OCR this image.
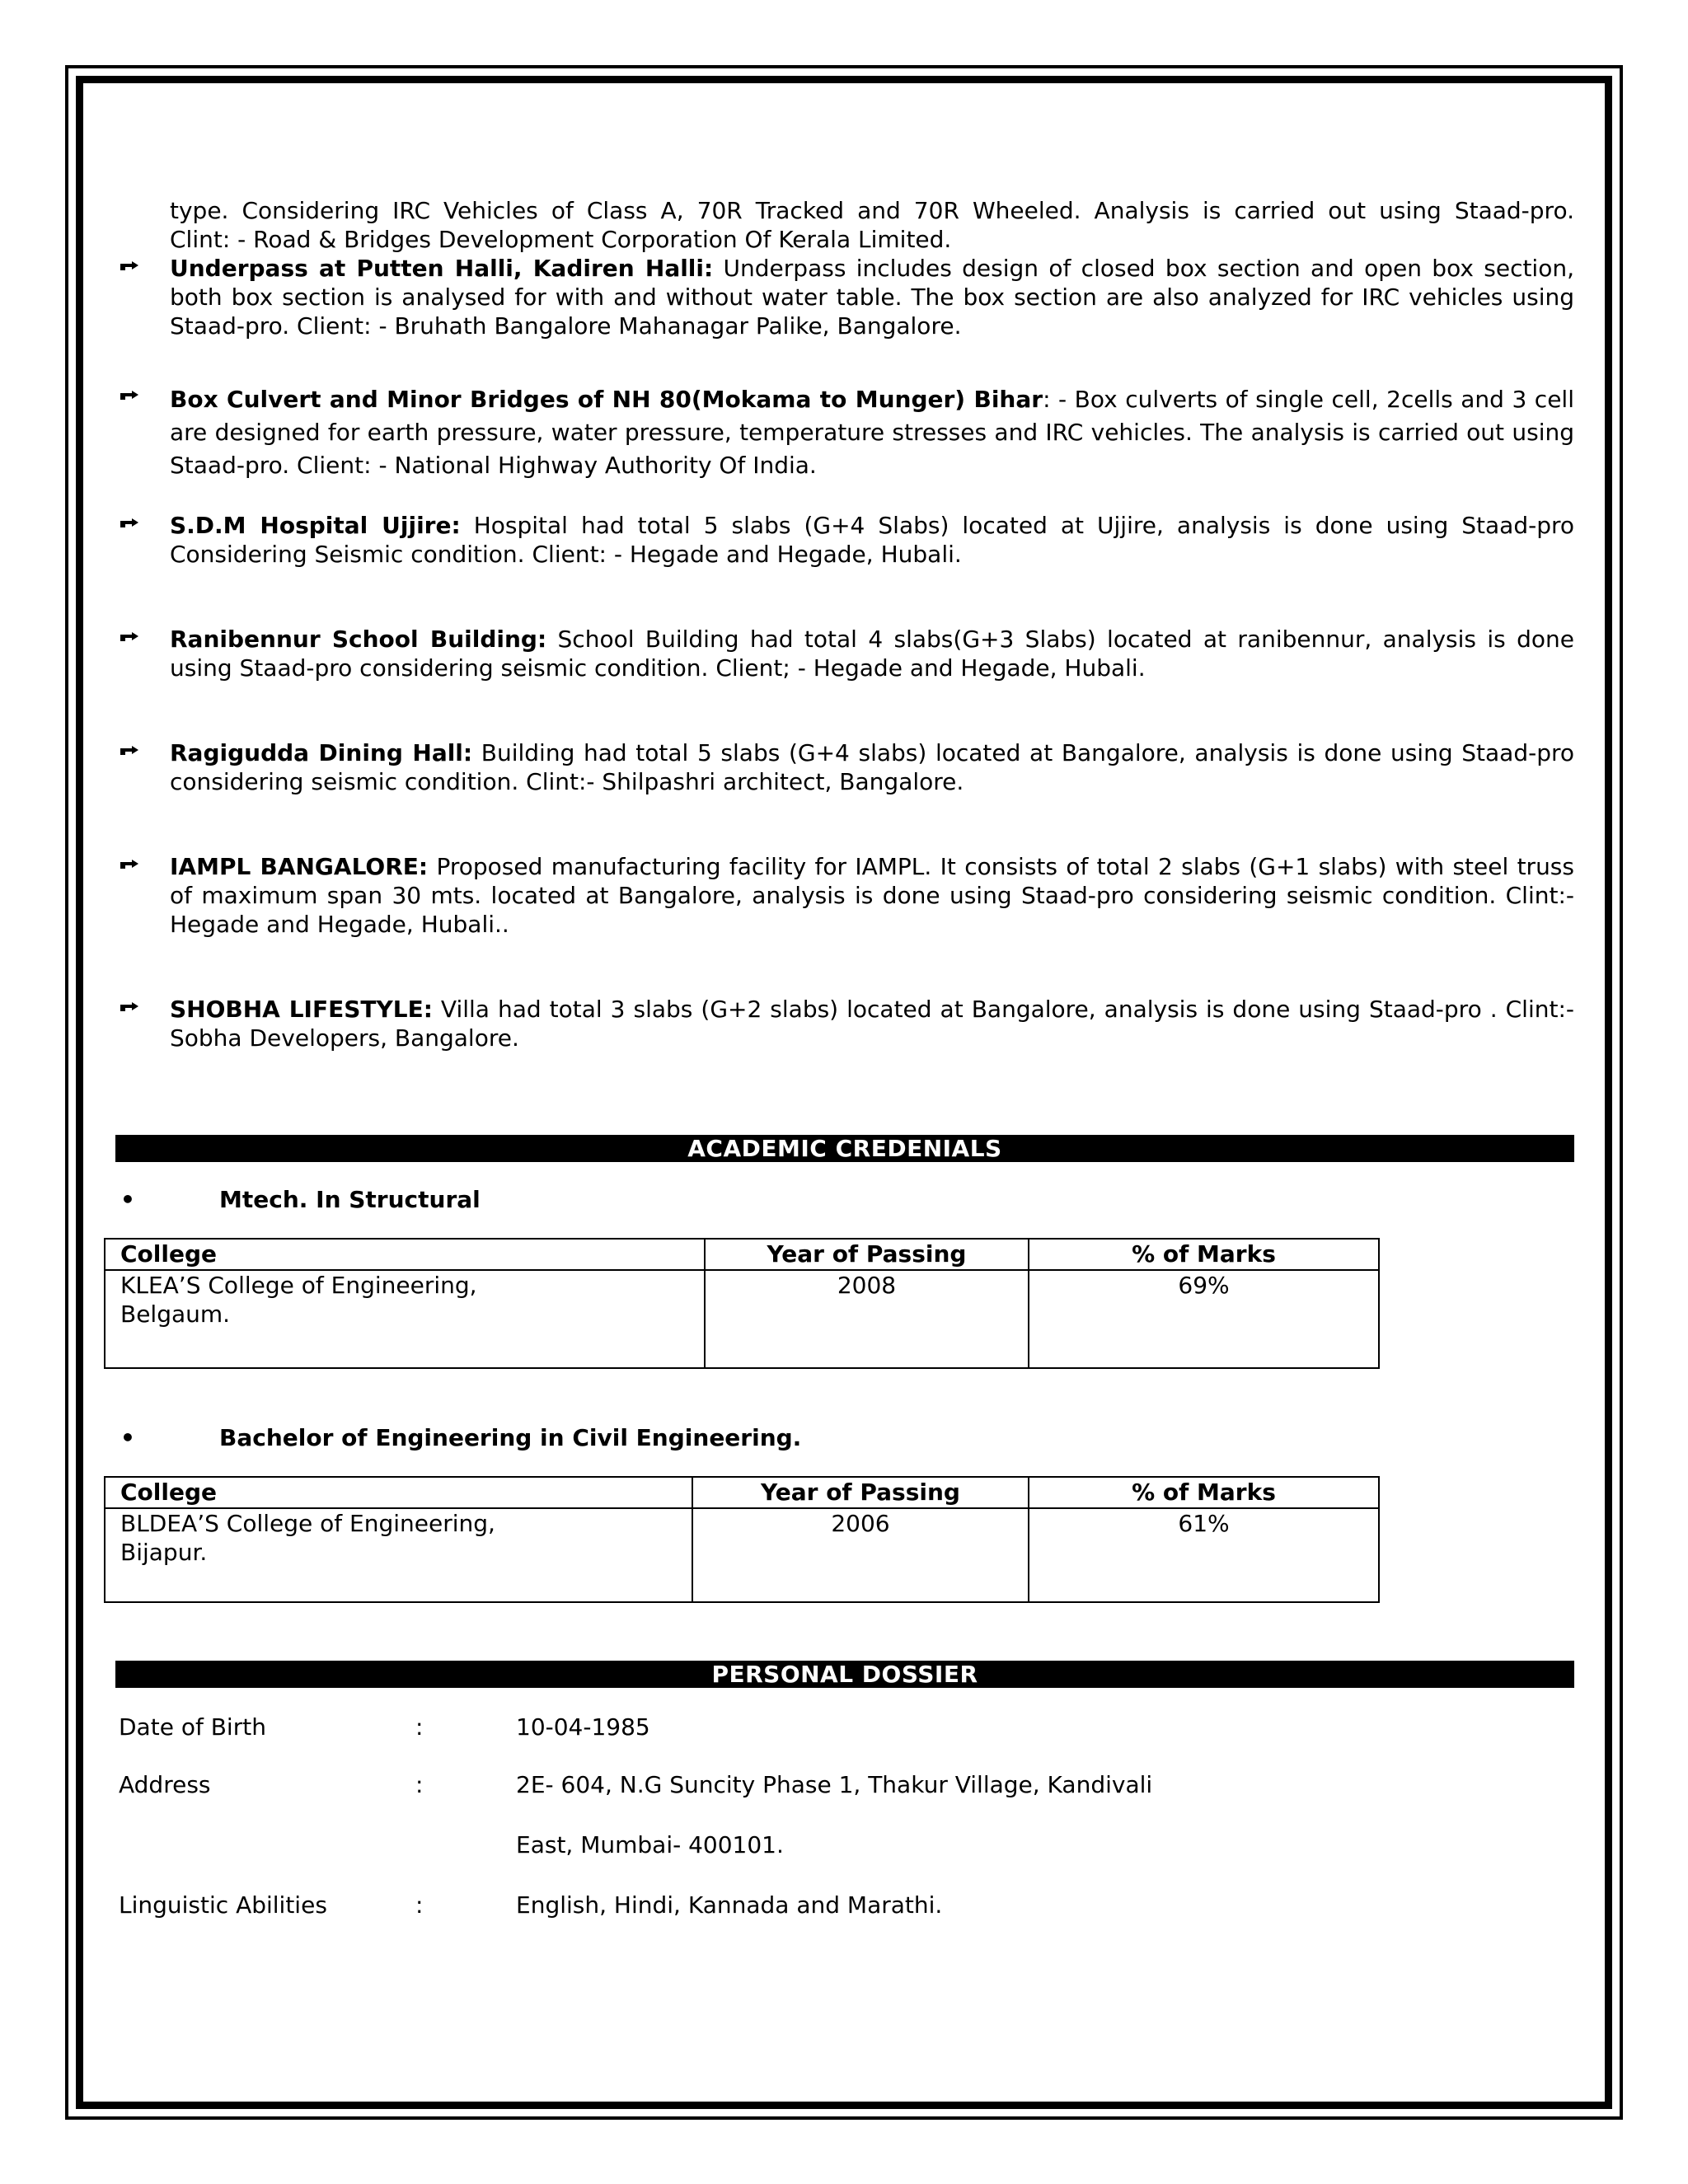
type. Considering IRC Vehicles of Class A, 70R Tracked and 70R Wheeled. Analysis is carried out using Staad-pro.
Clint: - Road & Bridges Development Corporation Of Kerala Limited.
Underpass at Putten Halli, Kadiren Halli: Underpass includes design of closed box section and open box section, both box section is analysed for with and without water table. The box section are also analyzed for IRC vehicles using Staad-pro. Client: - Bruhath Bangalore Mahanagar Palike, Bangalore.
Box Culvert and Minor Bridges of NH 80(Mokama to Munger) Bihar: - Box culverts of single cell, 2cells and 3 cell are designed for earth pressure, water pressure, temperature stresses and IRC vehicles. The analysis is carried out using Staad-pro. Client: - National Highway Authority Of India.
S.D.M Hospital Ujjire: Hospital had total 5 slabs (G+4 Slabs) located at Ujjire, analysis is done using Staad-pro Considering Seismic condition. Client: - Hegade and Hegade, Hubali.
Ranibennur School Building: School Building had total 4 slabs(G+3 Slabs) located at ranibennur, analysis is done using Staad-pro considering seismic condition. Client; - Hegade and Hegade, Hubali.
Ragigudda Dining Hall: Building had total 5 slabs (G+4 slabs) located at Bangalore, analysis is done using Staad-pro considering seismic condition. Clint:- Shilpashri architect, Bangalore.
IAMPL BANGALORE: Proposed manufacturing facility for IAMPL. It consists of total 2 slabs (G+1 slabs) with steel truss of maximum span 30 mts. located at Bangalore, analysis is done using Staad-pro considering seismic condition. Clint:- Hegade and Hegade, Hubali..
SHOBHA LIFESTYLE: Villa had total 3 slabs (G+2 slabs) located at Bangalore, analysis is done using Staad-pro . Clint:- Sobha Developers, Bangalore.
ACADEMIC CREDENIALS
•	Mtech. In Structural
College	Year of Passing	% of Marks

KLEA’S College of Engineering,
Belgaum.	2008	69%
•	Bachelor of Engineering in Civil Engineering.
College	Year of Passing	% of Marks

BLDEA’S College of Engineering,
Bijapur.	2006	61%
PERSONAL DOSSIER
Date of Birth	:	10-04-1985
Address	:	2E- 604, N.G Suncity Phase 1, Thakur Village, Kandivali
East, Mumbai- 400101.
Linguistic Abilities	:	English, Hindi, Kannada and Marathi.
